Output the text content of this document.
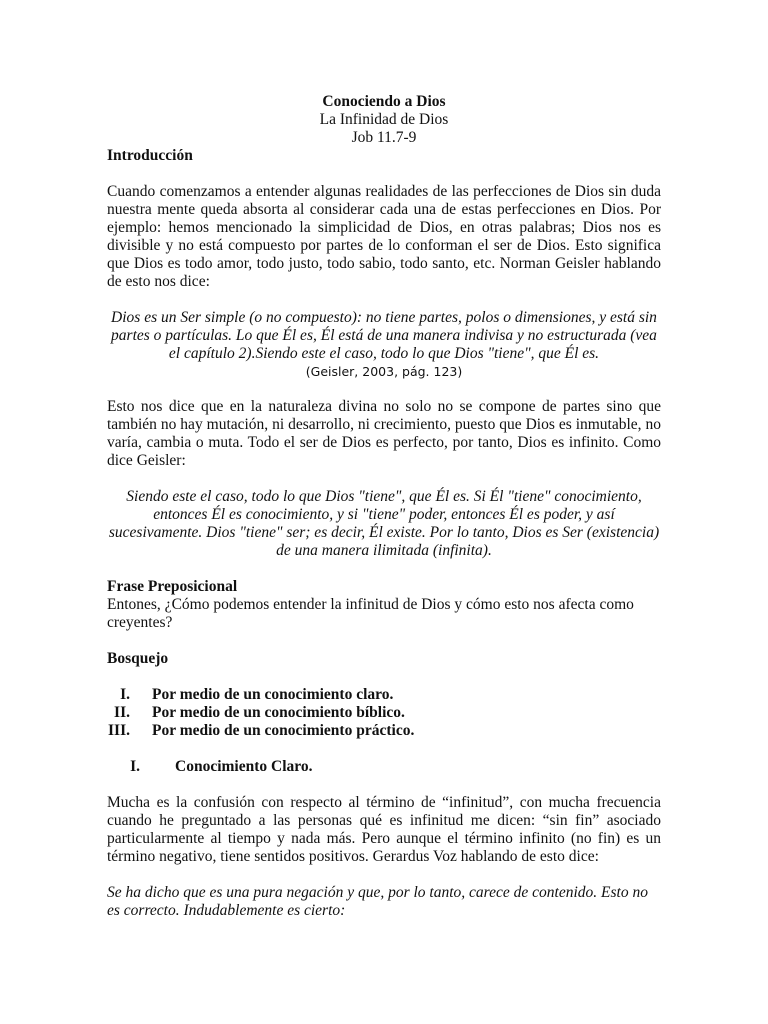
Conociendo a Dios

La Infinidad de Dios

Job 11.7-9

Introducción

Cuando comenzamos a entender algunas realidades de las perfecciones de Dios sin duda nuestra mente queda absorta al considerar cada una de estas perfecciones en Dios. Por ejemplo: hemos mencionado la simplicidad de Dios, en otras palabras; Dios nos es divisible y no está compuesto por partes de lo conforman el ser de Dios. Esto significa que Dios es todo amor, todo justo, todo sabio, todo santo, etc. Norman Geisler hablando de esto nos dice:

Dios es un Ser simple (o no compuesto): no tiene partes, polos o dimensiones, y está sin partes o partículas. Lo que Él es, Él está de una manera indivisa y no estructurada (vea el capítulo 2).Siendo este el caso, todo lo que Dios "tiene", que Él es.

(Geisler, 2003, pág. 123)

Esto nos dice que en la naturaleza divina no solo no se compone de partes sino que también no hay mutación, ni desarrollo, ni crecimiento, puesto que Dios es inmutable, no varía, cambia o muta. Todo el ser de Dios es perfecto, por tanto, Dios es infinito. Como dice Geisler:

Siendo este el caso, todo lo que Dios "tiene", que Él es. Si Él "tiene" conocimiento, entonces Él es conocimiento, y si "tiene" poder, entonces Él es poder, y así sucesivamente. Dios "tiene" ser; es decir, Él existe. Por lo tanto, Dios es Ser (existencia) de una manera ilimitada (infinita).

Frase Preposicional

Entones, ¿Cómo podemos entender la infinitud de Dios y cómo esto nos afecta como creyentes?

Bosquejo

I.	Por medio de un conocimiento claro.
II.	Por medio de un conocimiento bíblico.
III.	Por medio de un conocimiento práctico.
I.	Conocimiento Claro.

Mucha es la confusión con respecto al término de “infinitud”, con mucha frecuencia cuando he preguntado a las personas qué es infinitud me dicen: “sin fin” asociado particularmente al tiempo y nada más. Pero aunque el término infinito (no fin) es un término negativo, tiene sentidos positivos. Gerardus Voz hablando de esto dice:

Se ha dicho que es una pura negación y que, por lo tanto, carece de contenido. Esto no es correcto. Indudablemente es cierto:
